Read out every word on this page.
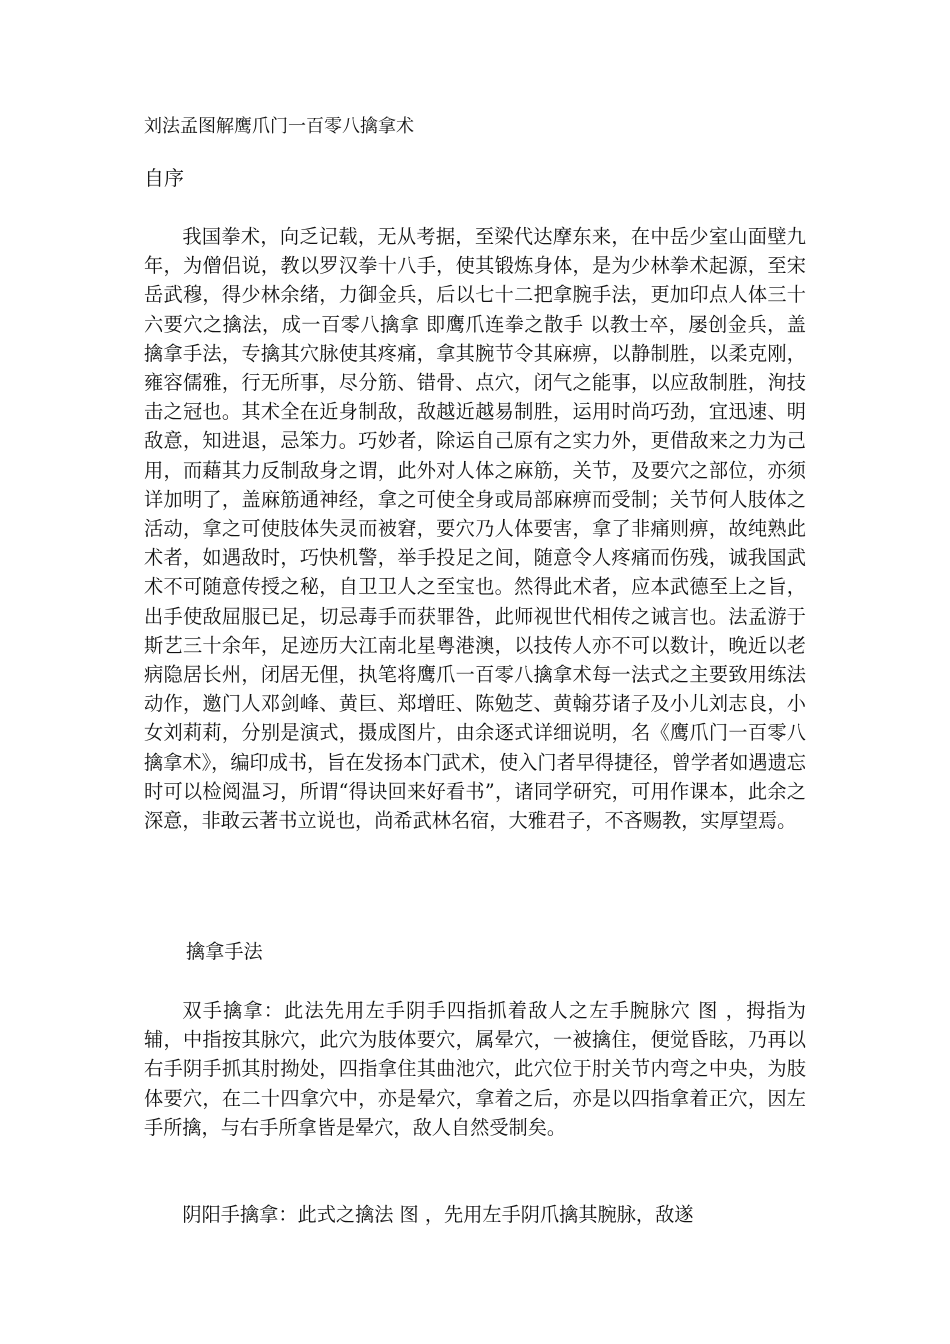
刘法孟图解鹰爪门一百零八擒拿术
自序

我国拳术，向乏记载，无从考据，至梁代达摩东来，在中岳少室山面壁九年，为僧侣说，教以罗汉拳十八手，使其锻炼身体，是为少林拳术起源，至宋岳武穆，得少林余绪，力御金兵，后以七十二把拿腕手法，更加印点人体三十六要穴之擒法，成一百零八擒拿 即鹰爪连拳之散手 以教士卒，屡创金兵，盖擒拿手法，专擒其穴脉使其疼痛，拿其腕节令其麻痹，以静制胜，以柔克刚，雍容儒雅，行无所事，尽分筋、错骨、点穴，闭气之能事，以应敌制胜，洵技击之冠也。其术全在近身制敌，敌越近越易制胜，运用时尚巧劲，宜迅速、明敌意，知进退，忌笨力。巧妙者，除运自己原有之实力外，更借敌来之力为己用，而藉其力反制敌身之谓，此外对人体之麻筋，关节，及要穴之部位，亦须详加明了，盖麻筋通神经，拿之可使全身或局部麻痹而受制；关节何人肢体之活动，拿之可使肢体失灵而被窘，要穴乃人体要害，拿了非痛则痹，故纯熟此术者，如遇敌时，巧快机警，举手投足之间，随意令人疼痛而伤残，诚我国武术不可随意传授之秘，自卫卫人之至宝也。然得此术者，应本武德至上之旨，出手使敌屈服已足，切忌毒手而获罪咎，此师视世代相传之诫言也。法孟游于斯艺三十余年，足迹历大江南北星粤港澳，以技传人亦不可以数计，晚近以老病隐居长州，闭居无俚，执笔将鹰爪一百零八擒拿术每一法式之主要致用练法动作，邀门人邓剑峰、黄巨、郑增旺、陈勉芝、黄翰芬诸子及小儿刘志良，小女刘莉莉，分别是演式，摄成图片，由余逐式详细说明，名《鹰爪门一百零八擒拿术》，编印成书，旨在发扬本门武术，使入门者早得捷径，曾学者如遇遗忘时可以检阅温习，所谓“得诀回来好看书”，诸同学研究，可用作课本，此余之深意，非敢云著书立说也，尚希武林名宿，大雅君子，不吝赐教，实厚望焉。

擒拿手法

双手擒拿：此法先用左手阴手四指抓着敌人之左手腕脉穴 图 ，拇指为辅，中指按其脉穴，此穴为肢体要穴，属晕穴，一被擒住，便觉昏眩，乃再以右手阴手抓其肘拗处，四指拿住其曲池穴，此穴位于肘关节内弯之中央，为肢体要穴，在二十四拿穴中，亦是晕穴，拿着之后，亦是以四指拿着正穴，因左手所擒，与右手所拿皆是晕穴，敌人自然受制矣。

阴阳手擒拿：此式之擒法 图 ，先用左手阴爪擒其腕脉，敌遂
